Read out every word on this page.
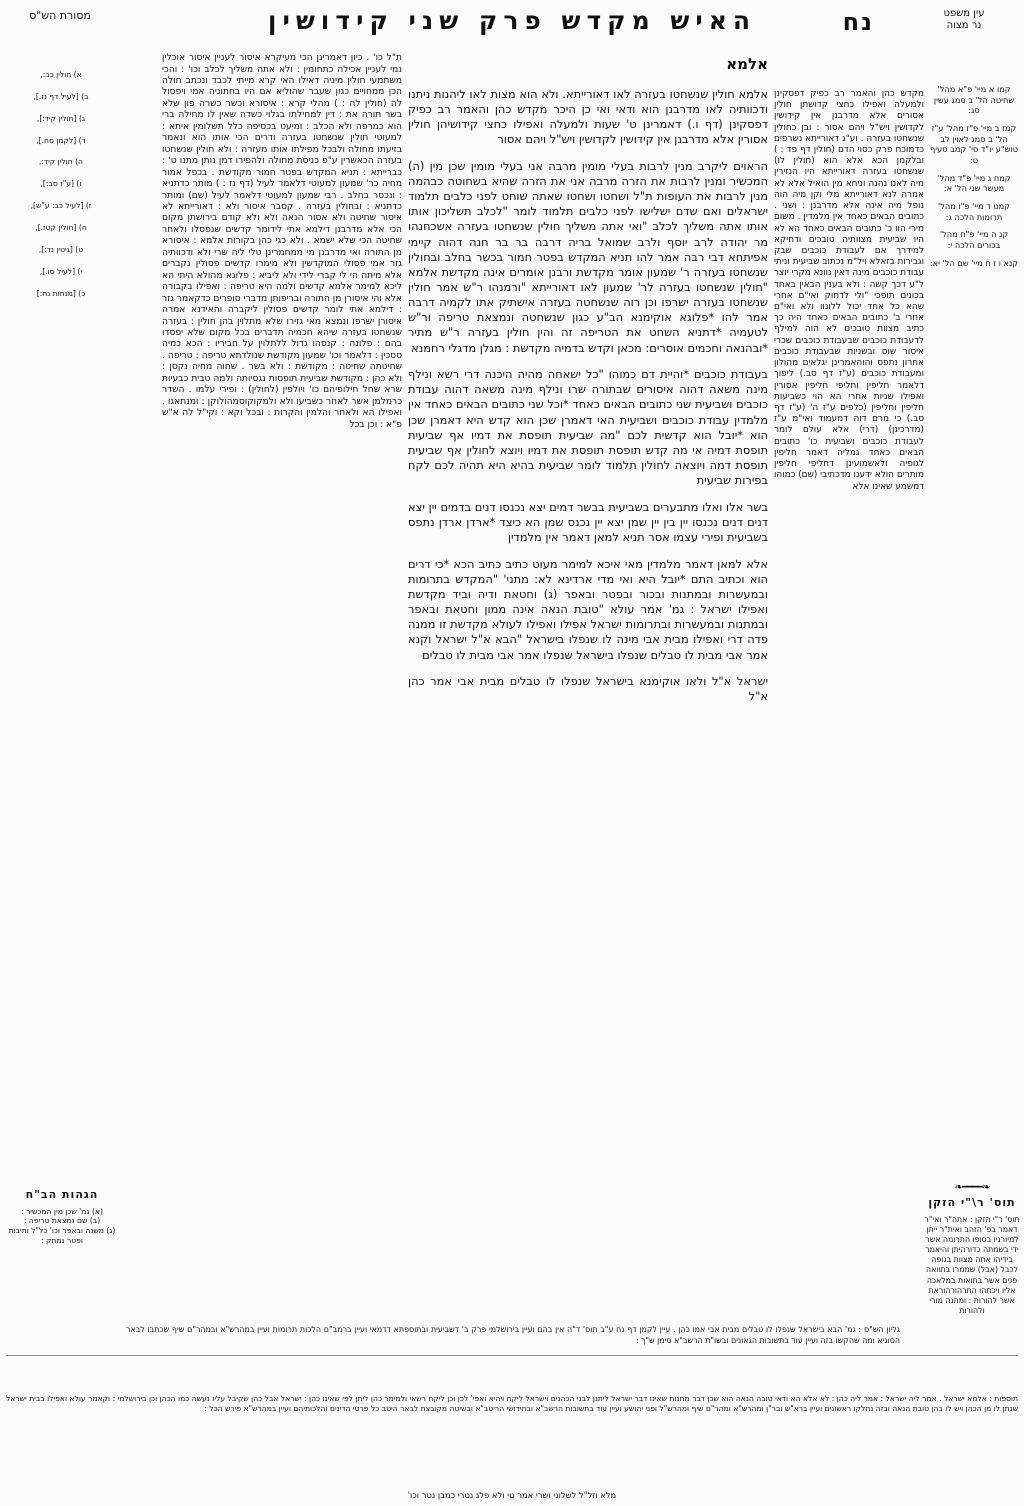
עין משפט
נר מצוה
האיש מקדש פרק שני קידושין
מסורת הש"ס	נח
קמו א מיי' פ"א מהל' שחיטה הל' ב סמג עשין סג:
קמז ב מיי' פ"ז מהל' ע"ז הל' ב סמג לאוין לב טוש"ע יו"ד סי' קמב סעיף ט:
קמח ג מיי' פ"ד מהל' מעשר שני הל' א:
קמט ד מיי' פ"ו מהל' תרומות הלכה ג:
קנ ה מיי' פ"ח מהל' בכורים הלכה י:
קנא ו ז ח מיי' שם הל' יא:

מקדש כהן והאמר רב כפיק דפסקינן ולמעלה ואפילו כחצי קדושתן חולין אסורים אלא מדרבנן אין קידושין לקדושין ויש"ל ויהם אסור : ובן כחולין שנשחטו בעזרה . וע"ג דאורייתא נשרפים כדמוכח פרק כסוי הדם (חולין דף פד : ) ובלקמן הכא אלא הוא (חולין לו) שנשחטו בעזרה דאורייתא היו הנזירין מיה לאנו נהנה וניחא מין הואיל אלא לא אמרה לנא דאורייתא מלי וקן מיה הוה נופל מיה אינה אלא מדרבנן : ושני . כתובים הבאים כאחד אין מלמדין . משום מירי הוו כ' כתובים הבאים כאחד הא לא היו שביעית מצוותיה טובכים ודחיקא למידרך אם לעבודת כוכבים שבק וגבירות בזאלא ויל"מ נכתוב שביעית וניתי עבודת כוכבים מינה דאין נוונא מקרי יוצר ל"ע דכך קשה : ולא בענין הבאין באחד בכונים תופכי "ולי לדחוק ואי"ם אחרי שהא כל אחד יכול ללונוו ולא ואי"ם אחרי ב' כתובים הבאים כאחד היה כך כתיב מצוות טובכים לא הוה למילף לדעבודת כוכבים שבעבודת כוכבים שכרי איסור שוס ובשניות שבעבודת כוכבים אחרון נתפס והוהאמרינן יגלאים מהולון ומעבודת כוכבים (ע"ז דף סב.) ליפוך דלאמר חליפין וחליפי חליפין אסורין ואפילו שניות אחרי הא הוי כשביעות חליפין וחליפין (כלפים ע"ז ה' (ע"ז דף סב.) כי מרם דוה דמעמוד ואי"מ ע"ז (מדרכינן) (דרי) אלא עולם לומר לעבודת כוכבים ושביעית כו' כתובים הבאים כאחד גמליה דאמר חליפין לגופיה ולאשמועינן דחליפי חליפין מותרים הולא ידענו מדכתיבי (שם) כמוהו דמשמע שאינו אלא

אלמא

אלמא חולין שנשחטו בעזרה לאו דאורייתא. ולא הוא מצות לאו ליהנות ניתנו ודכוותיה לאו מדרבנן הוא ודאי ואי כן היכר מקדש כהן והאמר רב כפיק דפסקינן (דף ו.) דאמרינן ט' שעות ולמעלה ואפילו כחצי קידושיהן חולין אסורין אלא מדרבנן אין קידושין לקדושין ויש"ל ויהם אסור

הראוים ליקרב מנין לרבות בעלי מומין מרבה אני בעלי מומין שכן מין (ה) המכשיר ומנין לרבות את הזרה מרבה אני את הזרה שהיא בשחוטה כבהמה מנין לרבות את העופות ת"ל ושחטו ושחטו שאתה שוחט לפני כלבים תלמוד ישראלים ואם שדם ישלישו לפני כלבים תלמוד לומר "לכלב תשליכון אותו אותו אתה משליך לכלב "ואי אתה משליך חולין שנשחטו בעזרה אשכחנהו מר יהודה לרב יוסף ולרב שמואל בריה דרבה בר בר חנה דהוה קיימי אפיתחא דבי רבה אמר להו תניא המקדש בפטר חמור בכשר בחלב ובחולין שנשחטו בעזרה ר' שמעון אומר מקדשת ורבנן אומרים אינה מקדשת אלמא "חולין שנשחטו בעזרה לר' שמעון לאו דאורייתא "ורמנהו ר"ש אמר חולין שנשחטו בעזרה ישרפו וכן רוה שנשחטה בעזרה אישתיק אתו לקמיה דרבה אמר להו *פלוגא אוקימנא הב"ע כגון שנשחטה ונמצאת טריפה ור"ש לטעמיה *דתניא השחט את הטריפה זה והין חולין בעזרה ר"ש מתיר *ובהנאה וחכמים אוסרים: מכאן וקדש בדמיה מקדשת : מגלן מדגלי רחמנא

בעבודת כוכבים *והיית דם כמוהו "כל ישאחה מהיה היכנה דרי רשא ונילף מינה משאה דהוה איסורים שבתורה שרו ונילף מינה משאה דהוה עבודת כוכבים ושביעית שני כתובים הבאים כאחד *וכל שני כתובים הבאים כאחד אין מלמדין עבודת כוכבים ושביעית האי דאמרן שכן הוא קדש היא דאמרן שכן הוא *יובל הוא קדשית לכם "מה שביעית תופסת את דמיו אף שביעית תופסת דמיה אי מה קדש תופסת תופסת את דמיו ויוצא לחולין אף שביעית תופסת דמה ויוצאה לחולין תלמוד לומר שביעית בהיא היא תהיה לכם לקח בפירות שביעית

בשר אלו ואלו מתבערים בשביעית בבשר דמים יצא נכנסו דנים בדמים יין יצא דנים דנים נכנסו יין בין יין שמן יצא יין נכנס שמן הא כיצד *ארדן ארדן נתפס בשביעית ופירי עצמו אסר תניא למאן דאמר אין מלמדין

אלא למאן דאמר מלמדין מאי איכא למימר מעוט כתיב כתיב הכא *כי דרים הוא וכתיב התם *יובל היא ואי מדי ארדינא לא: מתני' "המקדש בתרומות ובמעשרות ובמתנות ובכור ובפטר ובאפר (ג) וחטאת ודיה וביד מקדשת ואפילו ישראל : גמ' אמר עולא "טובת הנאה אינה ממון וחטאת ובאפר ובמתנות ובמעשרות ובתרומות ישראל אפילו ואפילו לעולא מקדשת זו ממנה פדה דרי ואפילו מבית אבי מינה לו שנפלו בישראל "הבא א"ל ישראל וקנא אמר אבי מבית לו טבלים שנפלו בישראל שנפלו אמר אבי מבית לו טבלים

ישראל א"ל ולאו אוקימנא בישראל שנפלו לו טבלים מבית אבי אמר כהן א"ל

ת"ל כו' . כיון דאמרינן הכי מעיקרא איסור לעניין איסור אוכלין נמי לעניין אכילה כתחומין : ולא אתה משליך לכלב וכו' : והכי משתמעי חולין מיניה דאילו האי קרא מייתי לכבד ונכתב חולה הכן ממחויים כגון שעבר שהוליא אם היו בחתוניה אמי ויפסול לה (חולין לה : ) מהלי קרא : איסורא וכשר כשרה פון שלא בשר תורה את : דין למחילתו בגלוי כשדה שאין לו מחילה ברי הוא כמרפה ולא הכלב : ומיעט בכסיפה כלל תשלומין איתא : למעוטי חולין שנשחטו בעזרה ודרים הכי אותו הוא ונאמר בזיעתו מחולה ולבכל מפילתו אותו מעזרה : ולא חולין שנשחטו בעזרה הכאשרין ע"פ כניסת מחולה ולהפירו דמן נותן מתנו ט' : כברייתא : תניא המקדש בפטר חמור מקודשת . בכפל אמור מחיה כר' שמעון למעוטי דלאמר לעיל (דף נז : ) מותר כדתניא : ונכסר בחלב . רבי שמעון למעוטי דלאמר לעיל (שם) ומותר כדתניא : ובחולין בעזרה . קסבר איסור ולא : דאורייתא לא איסור שחיטה ולא אסור הנאה ולא ולא קודם בירושתן מקום הכי אלא מדרבנן דילמא אתי לידומר קדשים שנפסלו ולאחר שחיטה הכי שלא ישמא . ולא כגי כהן בקורות אלמא : איסורא מן התורה ואי מדרבנן מי ממחמרינן טלי ליה שרי ולא ודכוותיה גזר אמי פסולי המוקדשין ולא מימרו קדשים פסולין נקברים אלא מיתה הי לי קברי לידי ולא ליביא : פלוגא מהולא היתי הא ליכא למימר אלמא קדשים ולמה היא טריפה : ואפילו בקבורה אלא והי איסורן מן התורה ובריפותן מדברי סופרים כדקאמר גזר : דילמא אתי לומר קדשים פסולין ליקברה והאידנא אמרה איסורן ישרפו ונמצא מאי גזירו שלא מתלוין בהן חולין : בעזרה שנשחטו בעזרה שיהא חכמיה תדברים בכל מקום שלא יפסדו בהם : פלונה : קנסהו גדול ללתלוין על חביריו : הכא כמיה ססכין : דלאמר וכו' שמעון מקודשת שנולדתא טריפה : טריפה . שחיטתה שחיטה : מקודשת : ולא בשר . שחוה מחיה נקסן : ולא כהן : מקודשת שביעית תופסות נגסיותה ולמה טבית כבעיות שרא שחל חילופיהם כו' ויולפין (לחולין) : ופירי עלמו . השדר כרמלמן אשר לאחר כשביעו ולא ולמקוקוסמהולוקן : ומנתאגו . ואפילו הא ולאחר והלמין והקרות : ובכל וקא : וקי"ל לה א"ש פ"א : וכן בכל

א) חולין כב:,
ב) [לעיל דף נז.],
ג) [חולין קיד:],
ד) [לקמן סח.],
ה) חולין קיד:,
ו) [ע"ז סב:],
ז) [לעיל כב: ע"ש],
ח) [חולין קטז.],
ט) [גיטין נד:],
י) [לעיל סו.],
כ) [מנחות נח:]
❧━━━━❧
תוס' ר\"י הזקן
תוס' ר"י הזקן : אתה"ר ואי"ר דאמר בפ' הזהב ואית"ר ייתן למיורניו בסופו התרומה אשר ידי בשמתה כדורהיתן והיאמר בידיהו אתה מצוות בגופה לכבל (אבל) שממרו בתוואה פנים אשר בתואות במלאכה אליו ויכתהו התרהורהוראת אשר להורות : ומתנה מורי ולהורות
הגהות הב"ח
(א) גמ' שכן מין המכשיר :
(ב) שם נמצאת טריפה :
(ג) משנה ובאפר וכו' כל"ל ותיבות ופטר נמחק :
גליון הש"ס : גמ' הבא בישראל שנפלו לו טבלים מבית אבי אמו כהן . עיין לקמן דף נח ע"ב תוס' ד"ה אין בהם ועיין בירושלמי פרק ב' דשביעית ובתוספתא דדמאי ועיין ברמב"ם הלכות תרומות ועיין במהרש"א ובמהר"ם שיף שכתבו לבאר הסוגיא ומה שהקשו בזה ועיין עוד בתשובות הגאונים ובשו"ת הרשב"א סימן ש"ך :
תוספות : אלמא ישראל . אמר ליה ישראל : אמר ליה כהן : לא אלא הא ודאי טובה הנאה הוא שכן דבר מתנות שאינו דבר ישראל ליתנן לבני הכהנים וישראל ליקח ויהיא ואפי' לכן וכן ליקח רשאי ולמימר כהן ליתן לפי שאינו כהן : ישראל אבל כהן שקיבל עליו נעשה כמו הכהן וכן בירושלמי : וקאמר עולא ואפילו בבית ישראל שנתן לו מן הכהן ויש לו בהן טובת הנאה ובזה נחלקו ראשונים ועיין ברא"ש ובר"ן ומהרש"א ומהר"ם שיף ומהרש"ל ופני יהושע ועיין עוד בתשובות הרשב"א ובחידושי הריטב"א ובשיטה מקובצת לבאר היטב כל פרטי הדינים והלכותיהם ועיין במהרש"א פירש הכל :
מלא וזל"ל לשלוני ושרי אמר טי ולא פלג נטרי כמבן נטר וכו'
